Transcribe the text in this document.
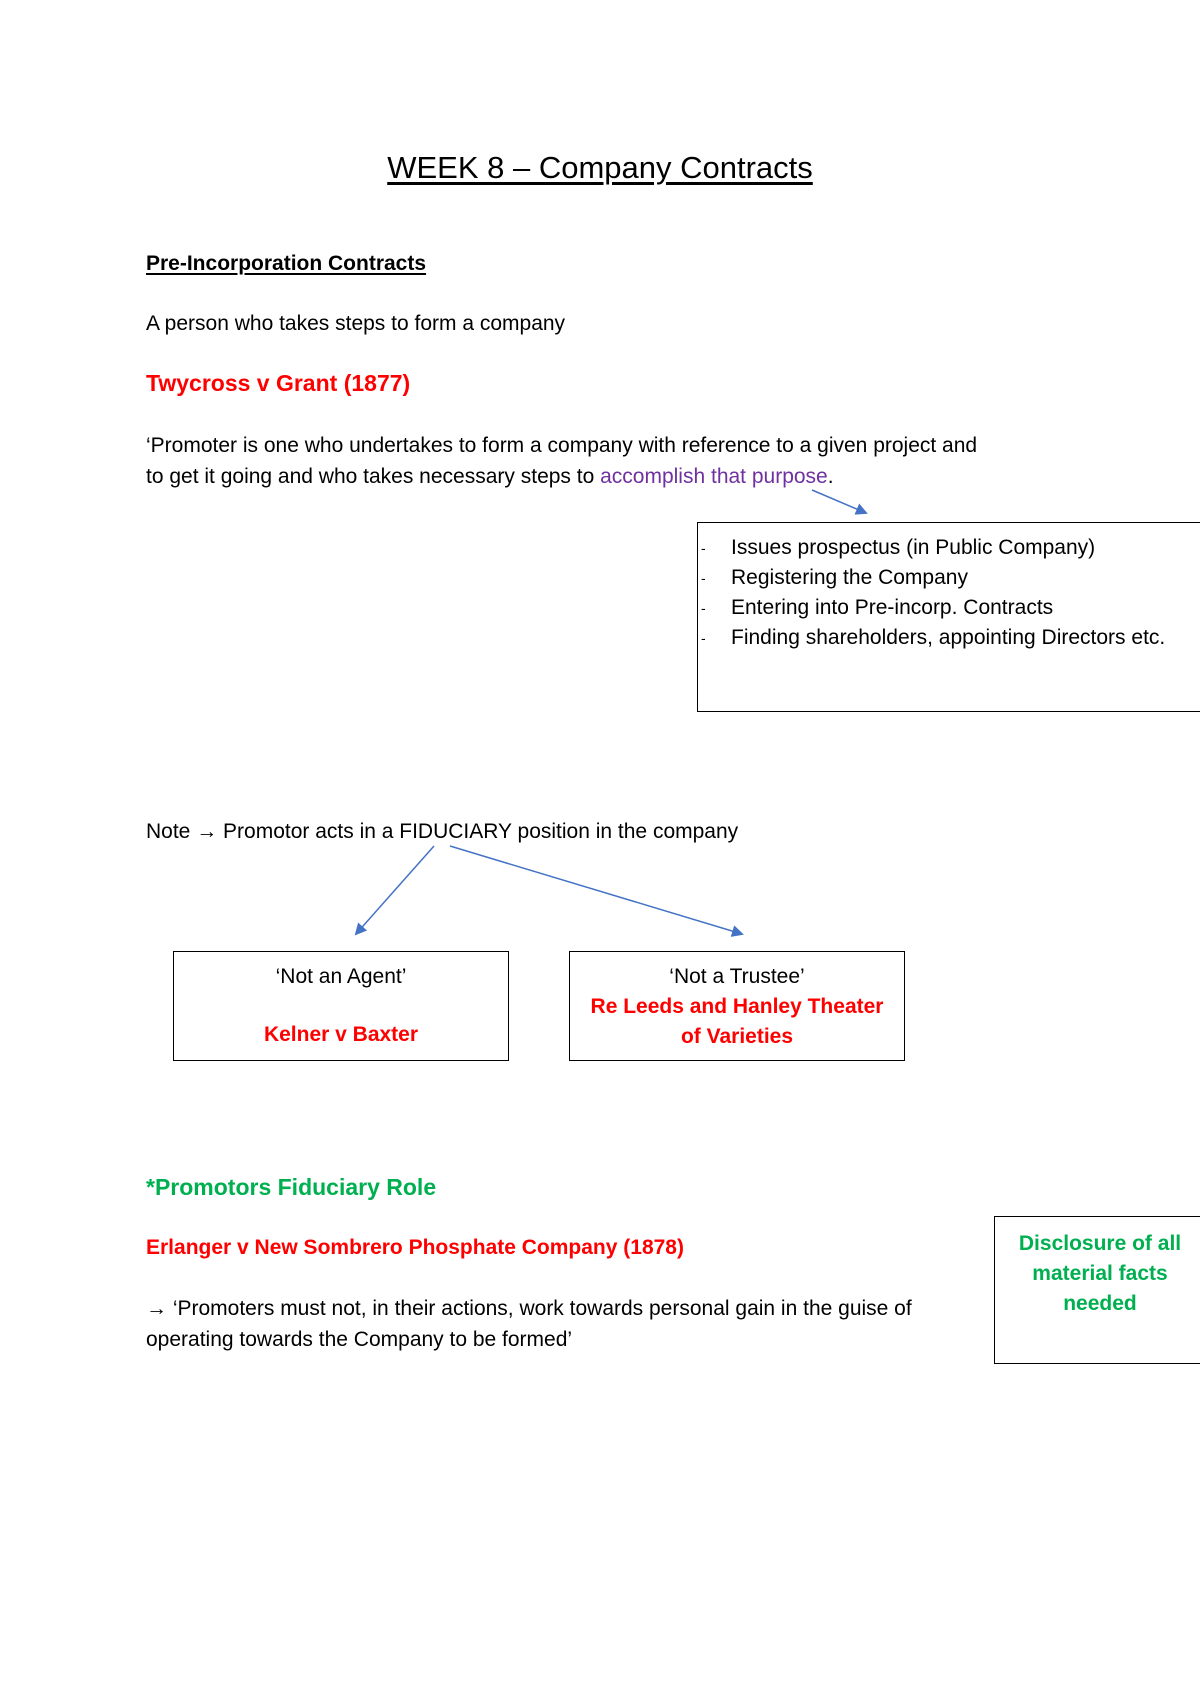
WEEK 8 – Company Contracts
Pre-Incorporation Contracts
A person who takes steps to form a company
Twycross v Grant (1877)
‘Promoter is one who undertakes to form a company with reference to a given project and
to get it going and who takes necessary steps to accomplish that purpose.
- Issues prospectus (in Public Company)
- Registering the Company
- Entering into Pre-incorp. Contracts
- Finding shareholders, appointing Directors etc.
Note → Promotor acts in a FIDUCIARY position in the company
‘Not an Agent’
Kelner v Baxter
‘Not a Trustee’
Re Leeds and Hanley Theater of Varieties
*Promotors Fiduciary Role
Erlanger v New Sombrero Phosphate Company (1878)
→ ‘Promoters must not, in their actions, work towards personal gain in the guise of operating towards the Company to be formed’
Disclosure of all material facts needed
